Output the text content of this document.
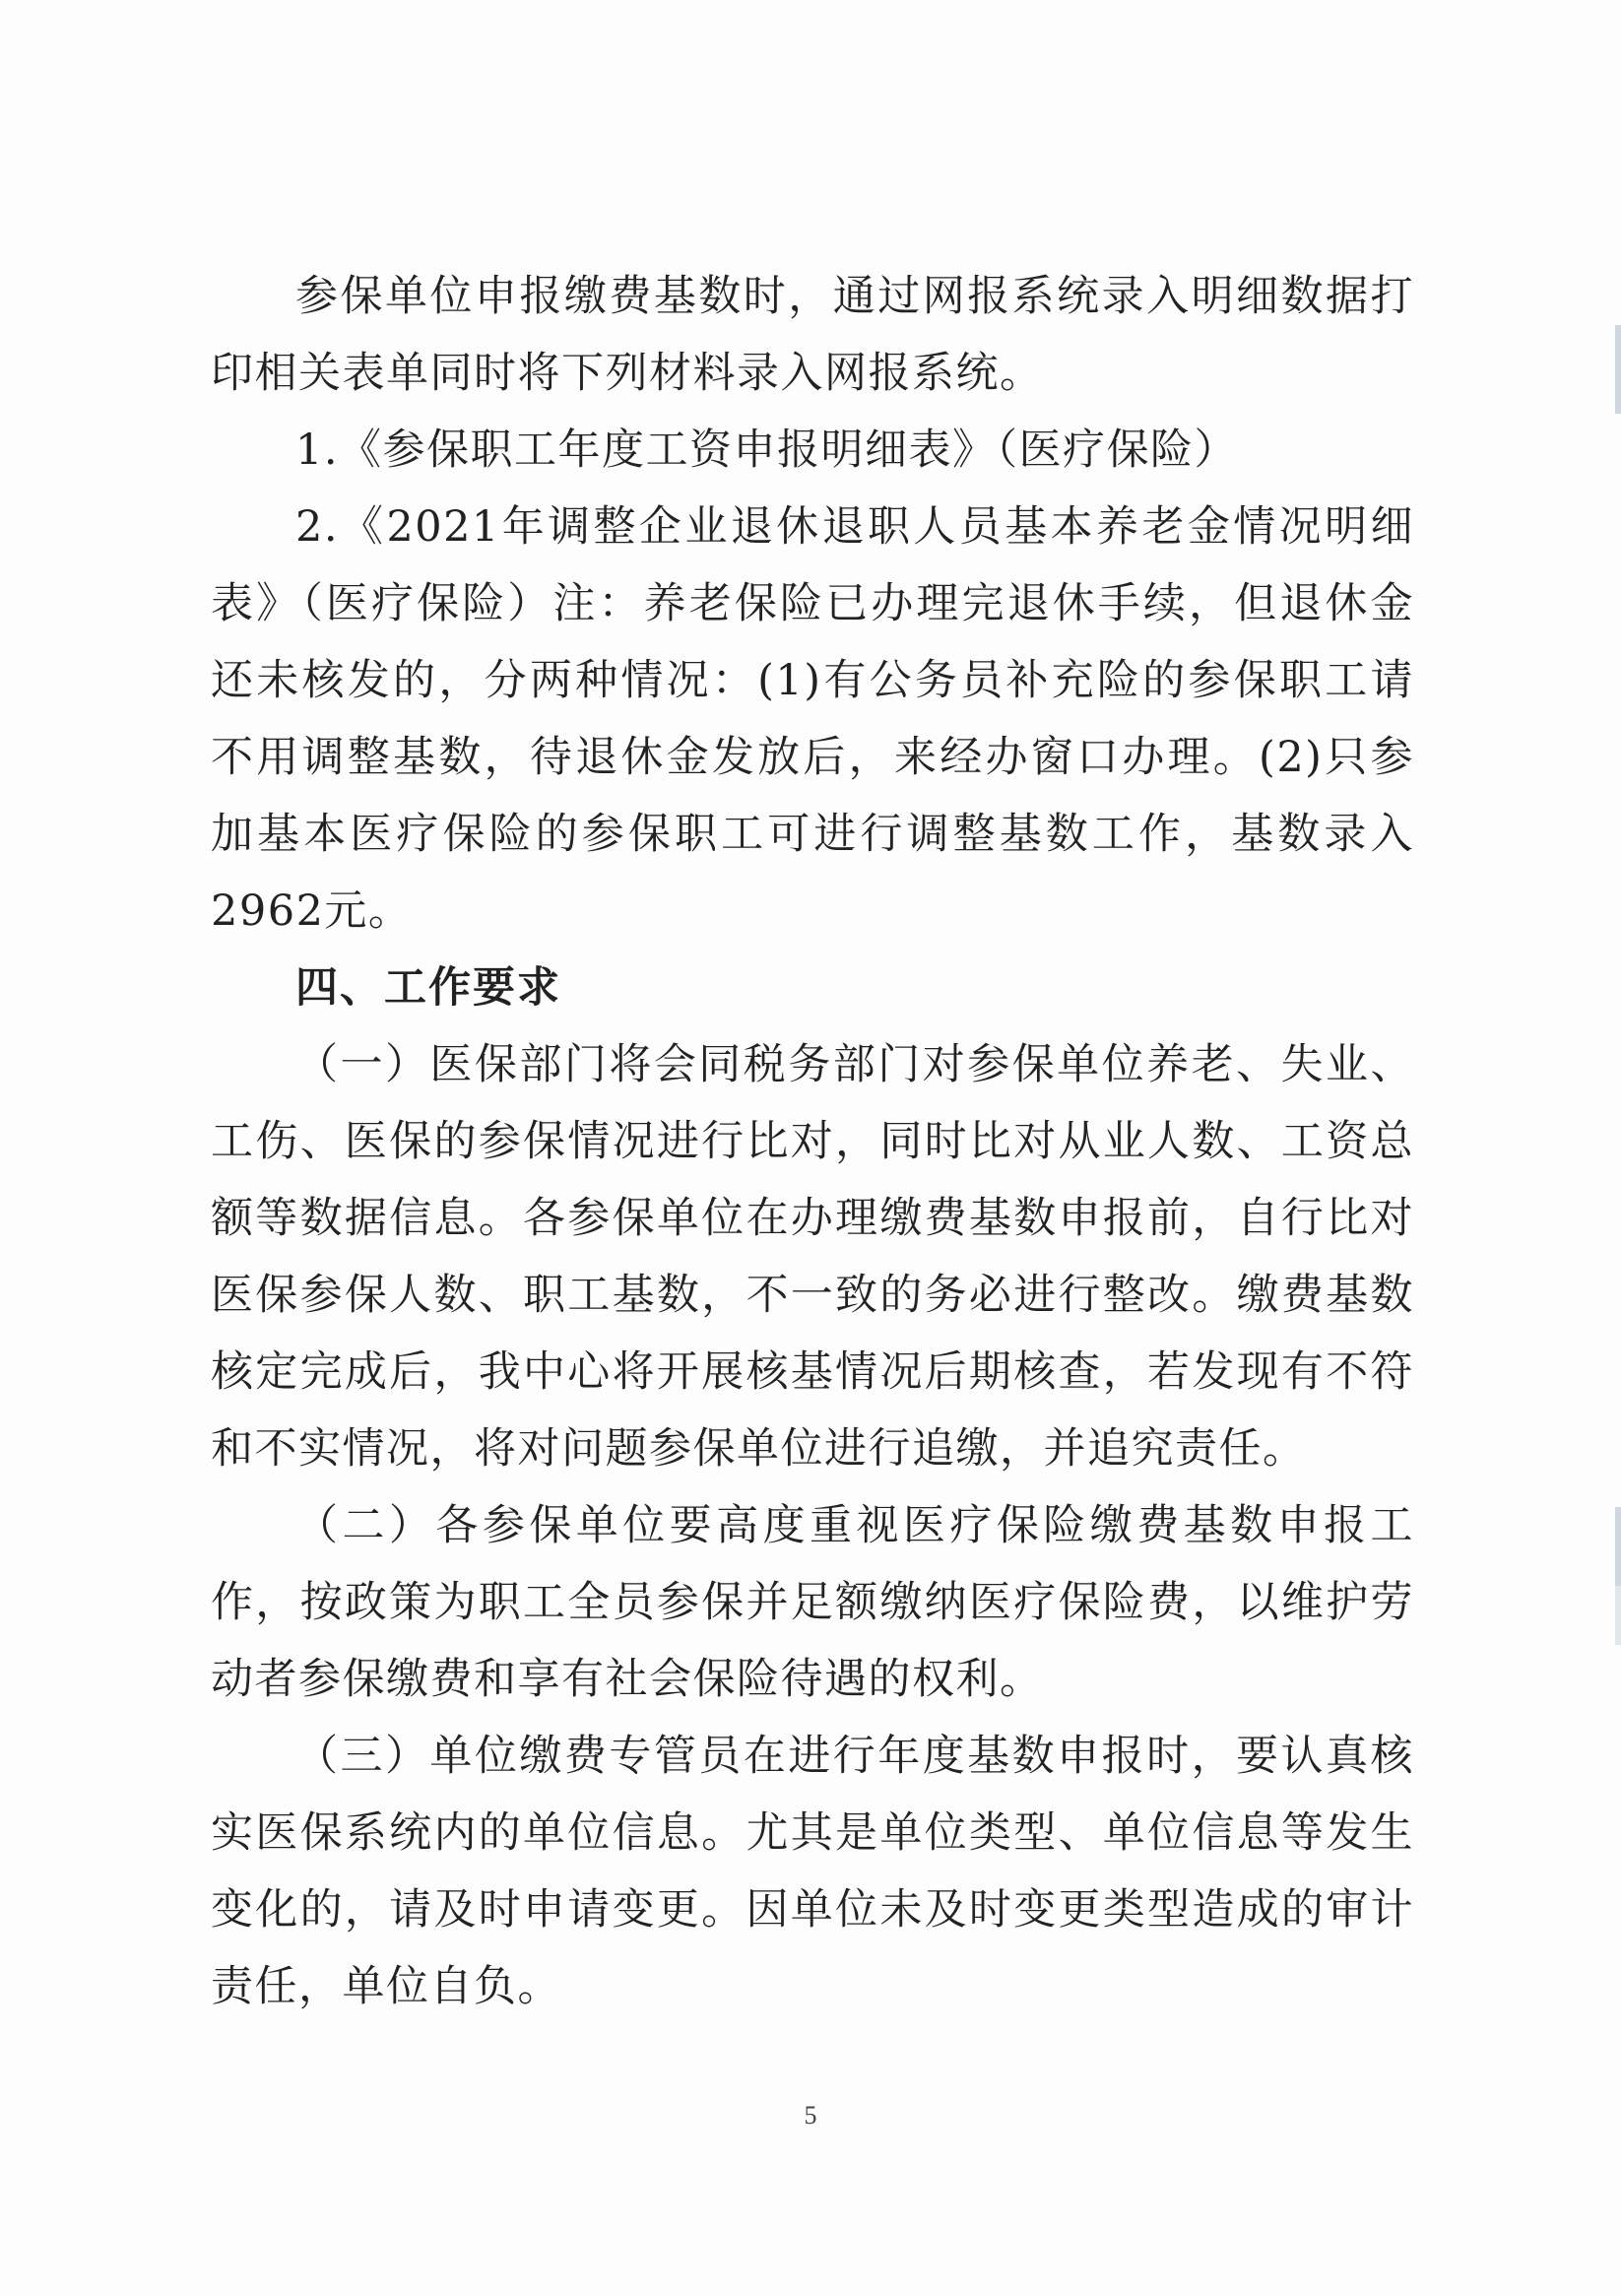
参保单位申报缴费基数时，通过网报系统录入明细数据打印相关表单同时将下列材料录入网报系统。

1.《参保职工年度工资申报明细表》（医疗保险）

2.《2021年调整企业退休退职人员基本养老金情况明细表》（医疗保险）注：养老保险已办理完退休手续，但退休金还未核发的，分两种情况：(1)有公务员补充险的参保职工请不用调整基数，待退休金发放后，来经办窗口办理。(2)只参加基本医疗保险的参保职工可进行调整基数工作，基数录入2962元。

四、工作要求

（一）医保部门将会同税务部门对参保单位养老、失业、工伤、医保的参保情况进行比对，同时比对从业人数、工资总额等数据信息。各参保单位在办理缴费基数申报前，自行比对医保参保人数、职工基数，不一致的务必进行整改。缴费基数核定完成后，我中心将开展核基情况后期核查，若发现有不符和不实情况，将对问题参保单位进行追缴，并追究责任。

（二）各参保单位要高度重视医疗保险缴费基数申报工作，按政策为职工全员参保并足额缴纳医疗保险费，以维护劳动者参保缴费和享有社会保险待遇的权利。

（三）单位缴费专管员在进行年度基数申报时，要认真核实医保系统内的单位信息。尤其是单位类型、单位信息等发生变化的，请及时申请变更。因单位未及时变更类型造成的审计责任，单位自负。

5
